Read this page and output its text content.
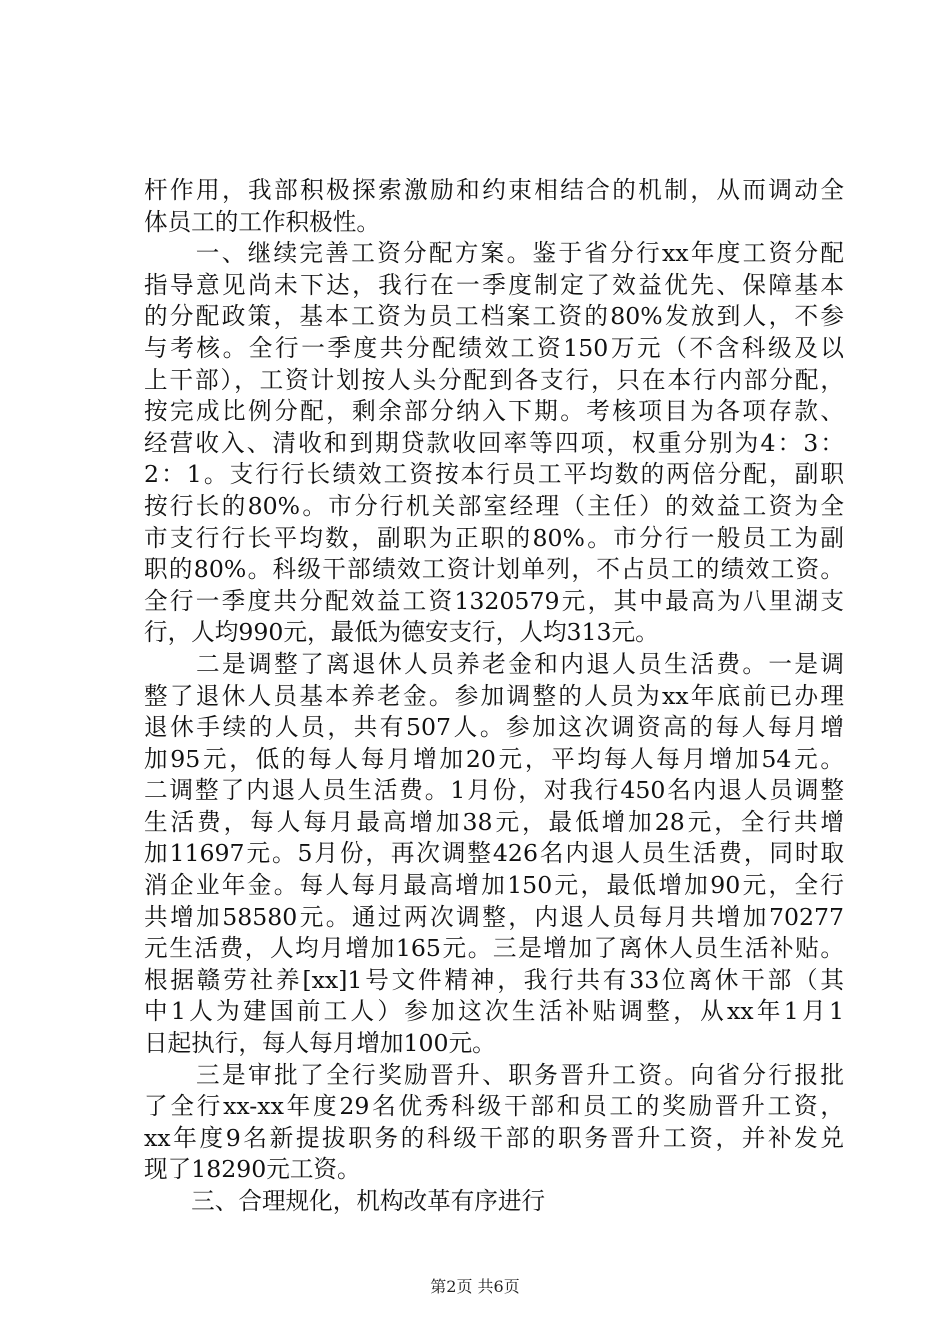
杆作用，我部积极探索激励和约束相结合的机制，从而调动全
体员工的工作积极性。
　　一、继续完善工资分配方案。鉴于省分行xx年度工资分配
指导意见尚未下达，我行在一季度制定了效益优先、保障基本
的分配政策，基本工资为员工档案工资的80%发放到人，不参
与考核。全行一季度共分配绩效工资150万元（不含科级及以
上干部），工资计划按人头分配到各支行，只在本行内部分配，
按完成比例分配，剩余部分纳入下期。考核项目为各项存款、
经营收入、清收和到期贷款收回率等四项，权重分别为4：3：
2：1。支行行长绩效工资按本行员工平均数的两倍分配，副职
按行长的80%。市分行机关部室经理（主任）的效益工资为全
市支行行长平均数，副职为正职的80%。市分行一般员工为副
职的80%。科级干部绩效工资计划单列，不占员工的绩效工资。
全行一季度共分配效益工资1320579元，其中最高为八里湖支
行，人均990元，最低为德安支行，人均313元。
　　二是调整了离退休人员养老金和内退人员生活费。一是调
整了退休人员基本养老金。参加调整的人员为xx年底前已办理
退休手续的人员，共有507人。参加这次调资高的每人每月增
加95元，低的每人每月增加20元，平均每人每月增加54元。
二调整了内退人员生活费。1月份，对我行450名内退人员调整
生活费，每人每月最高增加38元，最低增加28元，全行共增
加11697元。5月份，再次调整426名内退人员生活费，同时取
消企业年金。每人每月最高增加150元，最低增加90元，全行
共增加58580元。通过两次调整，内退人员每月共增加70277
元生活费，人均月增加165元。三是增加了离休人员生活补贴。
根据赣劳社养[xx]1号文件精神，我行共有33位离休干部（其
中1人为建国前工人）参加这次生活补贴调整，从xx年1月1
日起执行，每人每月增加100元。
　　三是审批了全行奖励晋升、职务晋升工资。向省分行报批
了全行xx-xx年度29名优秀科级干部和员工的奖励晋升工资，
xx年度9名新提拔职务的科级干部的职务晋升工资，并补发兑
现了18290元工资。
　　三、合理规化，机构改革有序进行
第2页 共6页
